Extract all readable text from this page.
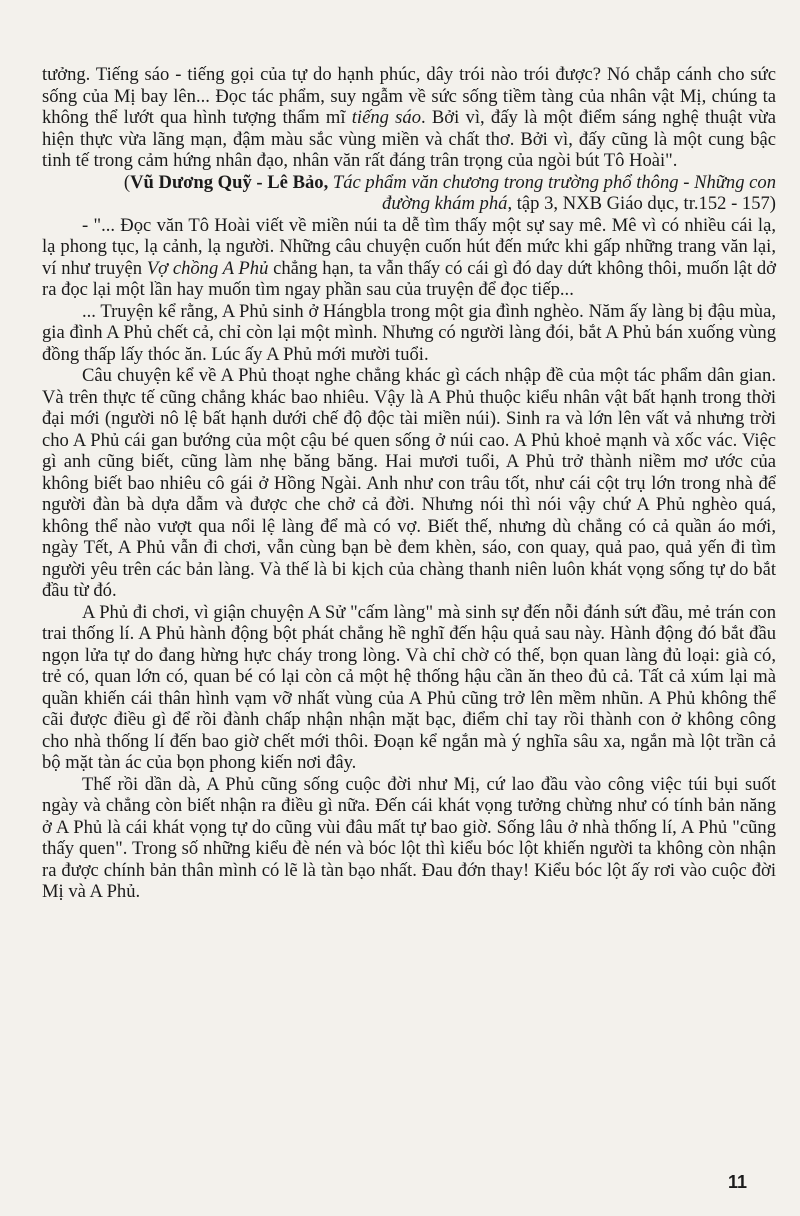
tưởng. Tiếng sáo - tiếng gọi của tự do hạnh phúc, dây trói nào trói được? Nó chắp cánh cho sức sống của Mị bay lên... Đọc tác phẩm, suy ngẫm về sức sống tiềm tàng của nhân vật Mị, chúng ta không thể lướt qua hình tượng thẩm mĩ tiếng sáo. Bởi vì, đấy là một điểm sáng nghệ thuật vừa hiện thực vừa lãng mạn, đậm màu sắc vùng miền và chất thơ. Bởi vì, đấy cũng là một cung bậc tinh tế trong cảm hứng nhân đạo, nhân văn rất đáng trân trọng của ngòi bút Tô Hoài".

(Vũ Dương Quỹ - Lê Bảo, Tác phẩm văn chương trong trường phổ thông - Những con đường khám phá, tập 3, NXB Giáo dục, tr.152 - 157)

- "... Đọc văn Tô Hoài viết về miền núi ta dễ tìm thấy một sự say mê. Mê vì có nhiều cái lạ, lạ phong tục, lạ cảnh, lạ người. Những câu chuyện cuốn hút đến mức khi gấp những trang văn lại, ví như truyện Vợ chồng A Phủ chẳng hạn, ta vẫn thấy có cái gì đó day dứt không thôi, muốn lật dở ra đọc lại một lần hay muốn tìm ngay phần sau của truyện để đọc tiếp...

... Truyện kể rằng, A Phủ sinh ở Hángbla trong một gia đình nghèo. Năm ấy làng bị đậu mùa, gia đình A Phủ chết cả, chỉ còn lại một mình. Nhưng có người làng đói, bắt A Phủ bán xuống vùng đồng thấp lấy thóc ăn. Lúc ấy A Phủ mới mười tuổi.

Câu chuyện kể về A Phủ thoạt nghe chẳng khác gì cách nhập đề của một tác phẩm dân gian. Và trên thực tế cũng chẳng khác bao nhiêu. Vậy là A Phủ thuộc kiểu nhân vật bất hạnh trong thời đại mới (người nô lệ bất hạnh dưới chế độ độc tài miền núi). Sinh ra và lớn lên vất vả nhưng trời cho A Phủ cái gan bướng của một cậu bé quen sống ở núi cao. A Phủ khoẻ mạnh và xốc vác. Việc gì anh cũng biết, cũng làm nhẹ băng băng. Hai mươi tuổi, A Phủ trở thành niềm mơ ước của không biết bao nhiêu cô gái ở Hồng Ngài. Anh như con trâu tốt, như cái cột trụ lớn trong nhà để người đàn bà dựa dẫm và được che chở cả đời. Nhưng nói thì nói vậy chứ A Phủ nghèo quá, không thể nào vượt qua nổi lệ làng để mà có vợ. Biết thế, nhưng dù chẳng có cả quần áo mới, ngày Tết, A Phủ vẫn đi chơi, vẫn cùng bạn bè đem khèn, sáo, con quay, quả pao, quả yến đi tìm người yêu trên các bản làng. Và thế là bi kịch của chàng thanh niên luôn khát vọng sống tự do bắt đầu từ đó.

A Phủ đi chơi, vì giận chuyện A Sử "cấm làng" mà sinh sự đến nỗi đánh sứt đầu, mẻ trán con trai thống lí. A Phủ hành động bột phát chẳng hề nghĩ đến hậu quả sau này. Hành động đó bắt đầu ngọn lửa tự do đang hừng hực cháy trong lòng. Và chỉ chờ có thế, bọn quan làng đủ loại: già có, trẻ có, quan lớn có, quan bé có lại còn cả một hệ thống hậu cần ăn theo đủ cả. Tất cả xúm lại mà quần khiến cái thân hình vạm vỡ nhất vùng của A Phủ cũng trở lên mềm nhũn. A Phủ không thể cãi được điều gì để rồi đành chấp nhận nhận mặt bạc, điểm chỉ tay rồi thành con ở không công cho nhà thống lí đến bao giờ chết mới thôi. Đoạn kể ngắn mà ý nghĩa sâu xa, ngắn mà lột trần cả bộ mặt tàn ác của bọn phong kiến nơi đây.

Thế rồi dần dà, A Phủ cũng sống cuộc đời như Mị, cứ lao đầu vào công việc túi bụi suốt ngày và chẳng còn biết nhận ra điều gì nữa. Đến cái khát vọng tưởng chừng như có tính bản năng ở A Phủ là cái khát vọng tự do cũng vùi đâu mất tự bao giờ. Sống lâu ở nhà thống lí, A Phủ "cũng thấy quen". Trong số những kiểu đè nén và bóc lột thì kiểu bóc lột khiến người ta không còn nhận ra được chính bản thân mình có lẽ là tàn bạo nhất. Đau đớn thay! Kiểu bóc lột ấy rơi vào cuộc đời Mị và A Phủ.

11
